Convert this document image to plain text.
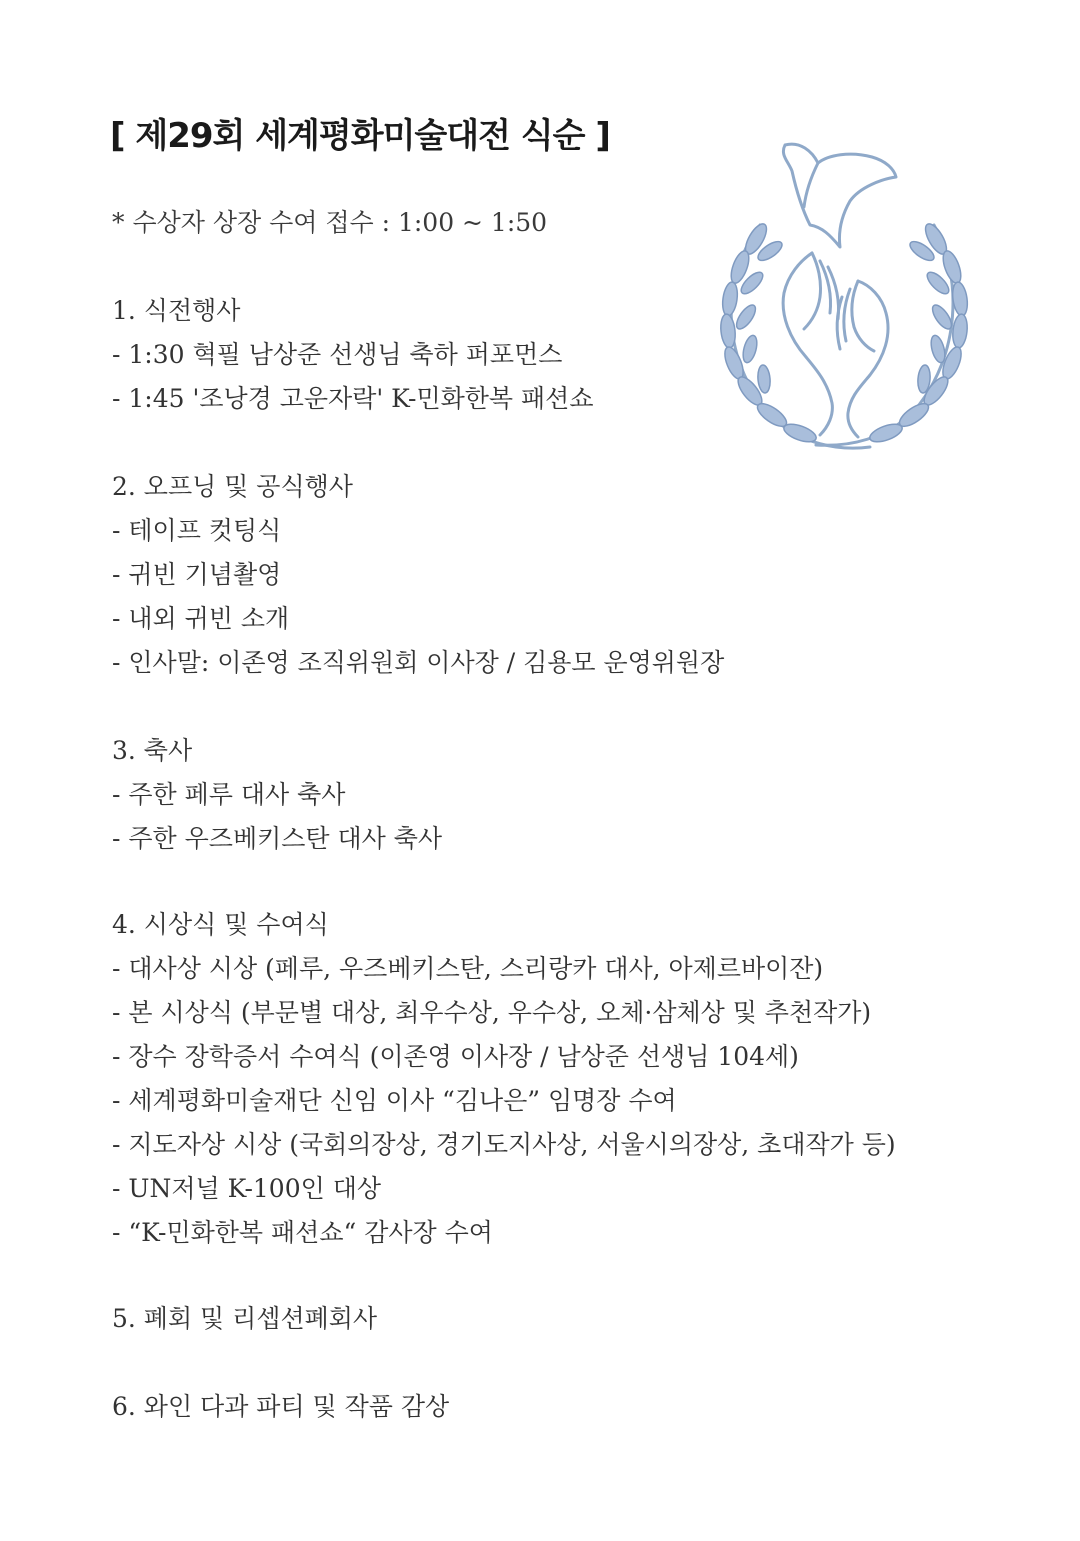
[ 제29회 세계평화미술대전 식순 ]
* 수상자 상장 수여 접수 : 1:00 ~ 1:50
1. 식전행사
- 1:30 혁필 남상준 선생님 축하 퍼포먼스
- 1:45 '조낭경 고운자락' K-민화한복 패션쇼
2. 오프닝 및 공식행사
- 테이프 컷팅식
- 귀빈 기념촬영
- 내외 귀빈 소개
- 인사말: 이존영 조직위원회 이사장 / 김용모 운영위원장
3. 축사
- 주한 페루 대사 축사
- 주한 우즈베키스탄 대사 축사
4. 시상식 및 수여식
- 대사상 시상 (페루, 우즈베키스탄, 스리랑카 대사, 아제르바이잔)
- 본 시상식 (부문별 대상, 최우수상, 우수상, 오체·삼체상 및 추천작가)
- 장수 장학증서 수여식 (이존영 이사장 / 남상준 선생님 104세)
- 세계평화미술재단 신임 이사 “김나은” 임명장 수여
- 지도자상 시상 (국회의장상, 경기도지사상, 서울시의장상, 초대작가 등)
- UN저널 K-100인 대상
- “K-민화한복 패션쇼“ 감사장 수여
5. 폐회 및 리셉션폐회사
6. 와인 다과 파티 및 작품 감상
